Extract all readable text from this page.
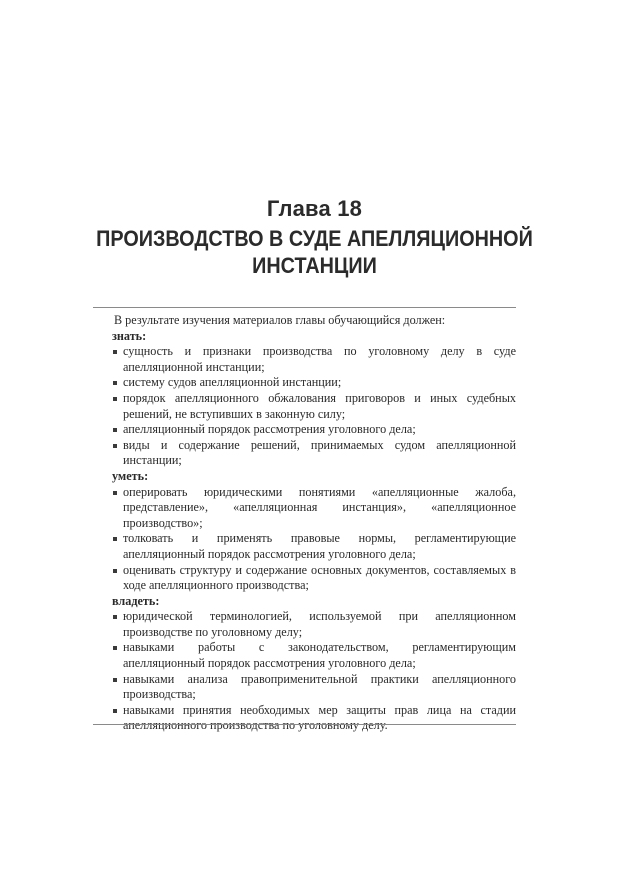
Глава 18
ПРОИЗВОДСТВО В СУДЕ АПЕЛЛЯЦИОННОЙ
ИНСТАНЦИИ

В результате изучения материалов главы обучающийся должен:

знать:

сущность и признаки производства по уголовному делу в суде апелляционной инстанции;
систему судов апелляционной инстанции;
порядок апелляционного обжалования приговоров и иных судебных решений, не вступивших в законную силу;
апелляционный порядок рассмотрения уголовного дела;
виды и содержание решений, принимаемых судом апелляционной инстанции;

уметь:

оперировать юридическими понятиями «апелляционные жалоба, представление», «апелляционная инстанция», «апелляционное производство»;
толковать и применять правовые нормы, регламентирующие апелляционный порядок рассмотрения уголовного дела;
оценивать структуру и содержание основных документов, составляемых в ходе апелляционного производства;

владеть:

юридической терминологией, используемой при апелляционном производстве по уголовному делу;
навыками работы с законодательством, регламентирующим апелляционный порядок рассмотрения уголовного дела;
навыками анализа правоприменительной практики апелляционного производства;
навыками принятия необходимых мер защиты прав лица на стадии апелляционного производства по уголовному делу.
